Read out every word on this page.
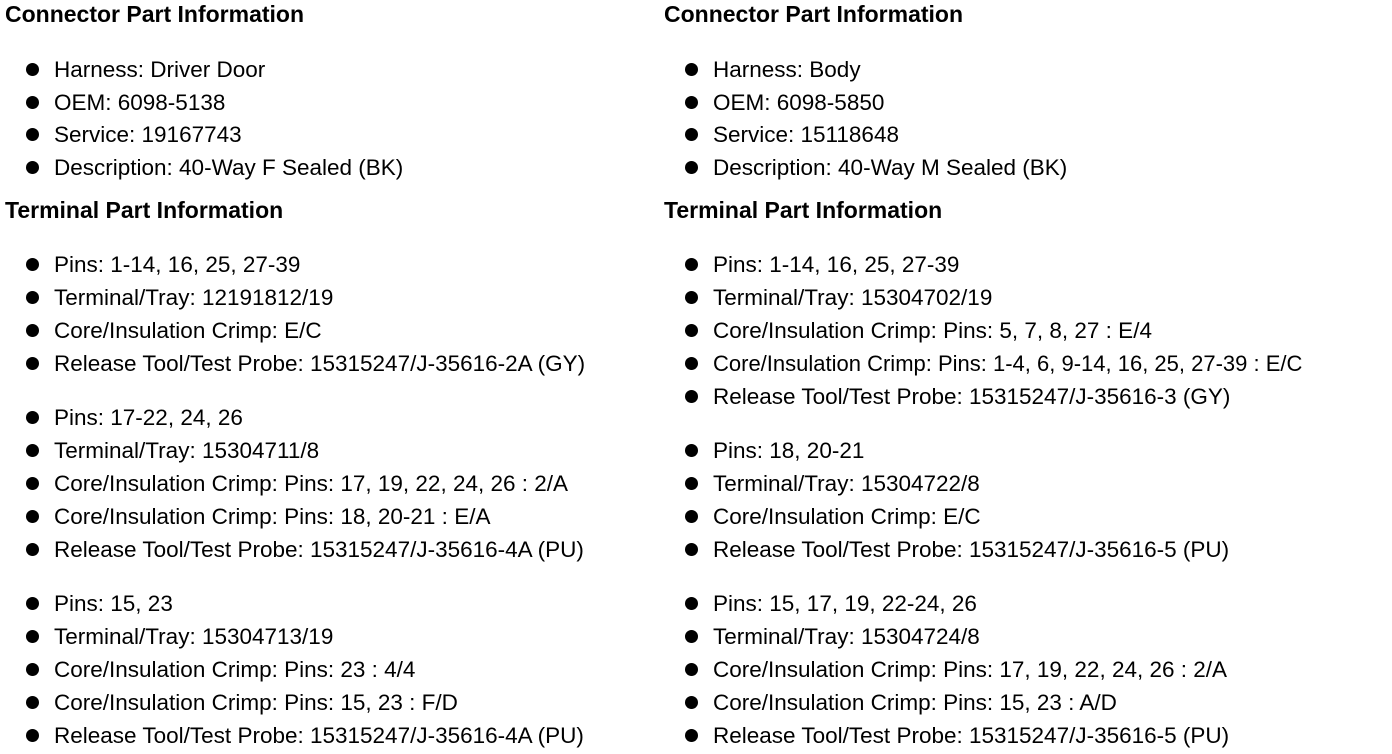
Connector Part Information
Harness: Driver Door
OEM: 6098-5138
Service: 19167743
Description: 40-Way F Sealed (BK)
Terminal Part Information
Pins: 1-14, 16, 25, 27-39
Terminal/Tray: 12191812/19
Core/Insulation Crimp: E/C
Release Tool/Test Probe: 15315247/J-35616-2A (GY)
Pins: 17-22, 24, 26
Terminal/Tray: 15304711/8
Core/Insulation Crimp: Pins: 17, 19, 22, 24, 26 : 2/A
Core/Insulation Crimp: Pins: 18, 20-21 : E/A
Release Tool/Test Probe: 15315247/J-35616-4A (PU)
Pins: 15, 23
Terminal/Tray: 15304713/19
Core/Insulation Crimp: Pins: 23 : 4/4
Core/Insulation Crimp: Pins: 15, 23 : F/D
Release Tool/Test Probe: 15315247/J-35616-4A (PU)
Connector Part Information
Harness: Body
OEM: 6098-5850
Service: 15118648
Description: 40-Way M Sealed (BK)
Terminal Part Information
Pins: 1-14, 16, 25, 27-39
Terminal/Tray: 15304702/19
Core/Insulation Crimp: Pins: 5, 7, 8, 27 : E/4
Core/Insulation Crimp: Pins: 1-4, 6, 9-14, 16, 25, 27-39 : E/C
Release Tool/Test Probe: 15315247/J-35616-3 (GY)
Pins: 18, 20-21
Terminal/Tray: 15304722/8
Core/Insulation Crimp: E/C
Release Tool/Test Probe: 15315247/J-35616-5 (PU)
Pins: 15, 17, 19, 22-24, 26
Terminal/Tray: 15304724/8
Core/Insulation Crimp: Pins: 17, 19, 22, 24, 26 : 2/A
Core/Insulation Crimp: Pins: 15, 23 : A/D
Release Tool/Test Probe: 15315247/J-35616-5 (PU)
